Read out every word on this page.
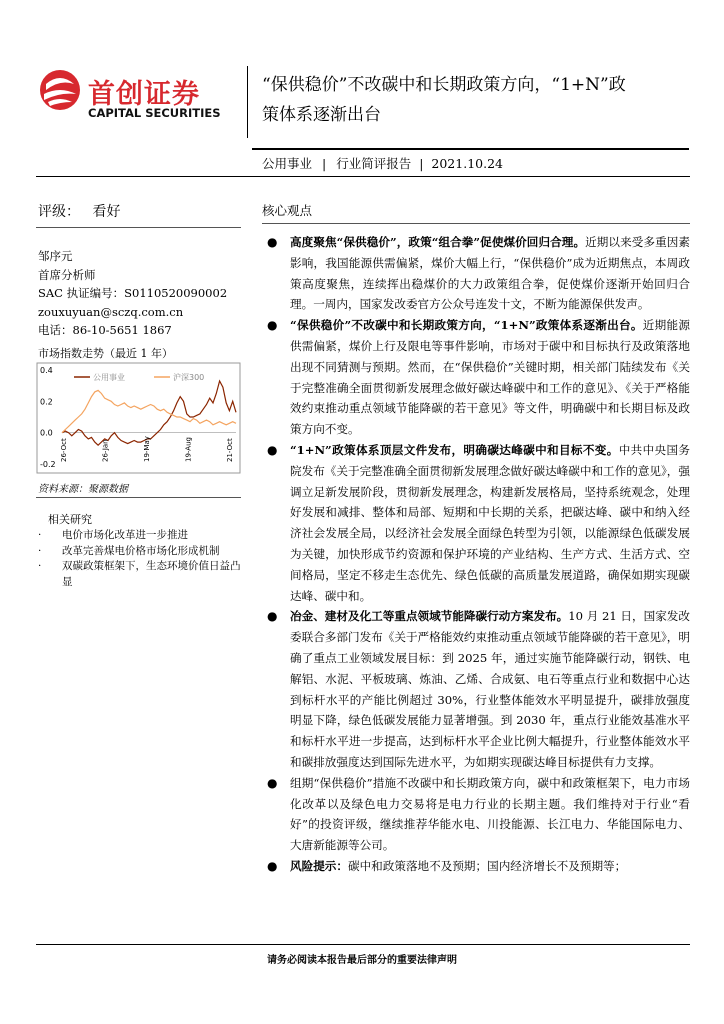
首创证券
CAPITAL SECURITIES
“保供稳价”不改碳中和长期政策方向，“1+N”政
策体系逐渐出台
公用事业 | 行业简评报告 | 2021.10.24
评级： 看好
邹序元
首席分析师
SAC 执证编号：S0110520090002
zouxuyuan@sczq.com.cn
电话：86-10-5651 1867
市场指数走势（最近 1 年）
公用事业	沪深300
0.4
0.2
0.0
-0.2
26-Oct	26-Jan	19-May	19-Aug	21-Oct
资料来源：聚源数据
相关研究
· 电价市场化改革进一步推进
· 改革完善煤电价格市场化形成机制
· 双碳政策框架下，生态环境价值日益凸显
核心观点
● 高度聚焦“保供稳价”，政策“组合拳”促使煤价回归合理。近期以来受多重因素影响，我国能源供需偏紧，煤价大幅上行，“保供稳价”成为近期焦点，本周政策高度聚焦，连续挥出稳煤价的大力政策组合拳，促使煤价逐渐开始回归合理。一周内，国家发改委官方公众号连发十文，不断为能源保供发声。
● “保供稳价”不改碳中和长期政策方向，“1+N”政策体系逐渐出台。近期能源供需偏紧，煤价上行及限电等事件影响，市场对于碳中和目标执行及政策落地出现不同猜测与预期。然而，在“保供稳价”关键时期，相关部门陆续发布《关于完整准确全面贯彻新发展理念做好碳达峰碳中和工作的意见》、《关于严格能效约束推动重点领域节能降碳的若干意见》等文件，明确碳中和长期目标及政策方向不变。
● “1+N”政策体系顶层文件发布，明确碳达峰碳中和目标不变。中共中央国务院发布《关于完整准确全面贯彻新发展理念做好碳达峰碳中和工作的意见》，强调立足新发展阶段，贯彻新发展理念，构建新发展格局，坚持系统观念，处理好发展和减排、整体和局部、短期和中长期的关系，把碳达峰、碳中和纳入经济社会发展全局，以经济社会发展全面绿色转型为引领，以能源绿色低碳发展为关键，加快形成节约资源和保护环境的产业结构、生产方式、生活方式、空间格局，坚定不移走生态优先、绿色低碳的高质量发展道路，确保如期实现碳达峰、碳中和。
● 冶金、建材及化工等重点领域节能降碳行动方案发布。10 月 21 日，国家发改委联合多部门发布《关于严格能效约束推动重点领域节能降碳的若干意见》，明确了重点工业领域发展目标：到 2025 年，通过实施节能降碳行动，钢铁、电解铝、水泥、平板玻璃、炼油、乙烯、合成氨、电石等重点行业和数据中心达到标杆水平的产能比例超过 30%，行业整体能效水平明显提升，碳排放强度明显下降，绿色低碳发展能力显著增强。到 2030 年，重点行业能效基准水平和标杆水平进一步提高，达到标杆水平企业比例大幅提升，行业整体能效水平和碳排放强度达到国际先进水平，为如期实现碳达峰目标提供有力支撑。
● 组期“保供稳价”措施不改碳中和长期政策方向，碳中和政策框架下，电力市场化改革以及绿色电力交易将是电力行业的长期主题。我们维持对于行业“看好”的投资评级，继续推荐华能水电、川投能源、长江电力、华能国际电力、大唐新能源等公司。
● 风险提示：碳中和政策落地不及预期；国内经济增长不及预期等；
请务必阅读本报告最后部分的重要法律声明
